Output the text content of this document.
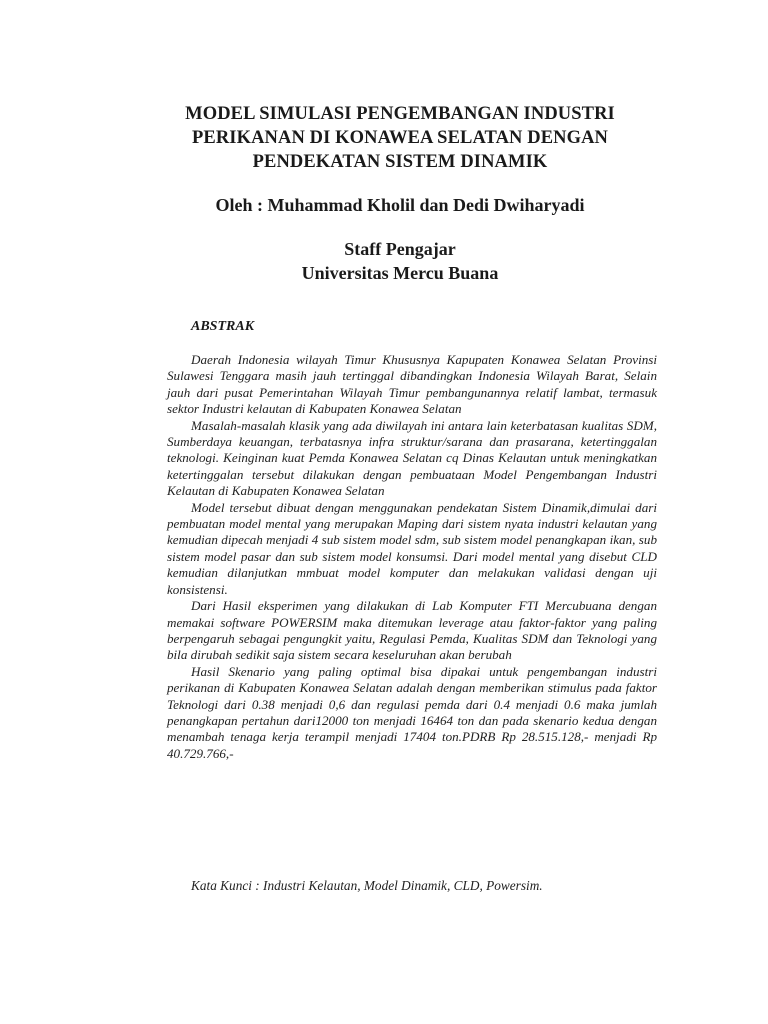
MODEL SIMULASI PENGEMBANGAN INDUSTRI
PERIKANAN DI KONAWEA SELATAN DENGAN
PENDEKATAN SISTEM DINAMIK
Oleh : Muhammad Kholil dan Dedi Dwiharyadi
Staff Pengajar
Universitas Mercu Buana
ABSTRAK

Daerah Indonesia wilayah Timur Khususnya Kapupaten Konawea Selatan Provinsi Sulawesi Tenggara masih jauh tertinggal dibandingkan Indonesia Wilayah Barat, Selain jauh dari pusat Pemerintahan Wilayah Timur pembangunannya relatif lambat, termasuk sektor Industri kelautan di Kabupaten Konawea Selatan

Masalah-masalah klasik yang ada diwilayah ini antara lain keterbatasan kualitas SDM, Sumberdaya keuangan, terbatasnya infra struktur/sarana dan prasarana, ketertinggalan teknologi. Keinginan kuat Pemda Konawea Selatan cq Dinas Kelautan untuk meningkatkan ketertinggalan tersebut dilakukan dengan pembuataan Model Pengembangan Industri Kelautan di Kabupaten Konawea Selatan

Model tersebut dibuat dengan menggunakan pendekatan Sistem Dinamik,dimulai dari pembuatan model mental yang merupakan Maping dari sistem nyata industri kelautan yang kemudian dipecah menjadi 4 sub sistem model sdm, sub sistem model penangkapan ikan, sub sistem model pasar dan sub sistem model konsumsi. Dari model mental yang disebut CLD kemudian dilanjutkan mmbuat model komputer dan melakukan validasi dengan uji konsistensi.

Dari Hasil eksperimen yang dilakukan di Lab Komputer FTI Mercubuana dengan memakai software POWERSIM maka ditemukan leverage atau faktor-faktor yang paling berpengaruh sebagai pengungkit yaitu, Regulasi Pemda, Kualitas SDM dan Teknologi yang bila dirubah sedikit saja sistem secara keseluruhan akan berubah

Hasil Skenario yang paling optimal bisa dipakai untuk pengembangan industri perikanan di Kabupaten Konawea Selatan adalah dengan memberikan stimulus pada faktor Teknologi dari 0.38 menjadi 0,6 dan regulasi pemda dari 0.4 menjadi 0.6 maka jumlah penangkapan pertahun dari12000 ton menjadi 16464 ton dan pada skenario kedua dengan menambah tenaga kerja terampil menjadi 17404 ton.PDRB Rp 28.515.128,- menjadi Rp 40.729.766,-

Kata Kunci : Industri Kelautan, Model Dinamik, CLD, Powersim.
